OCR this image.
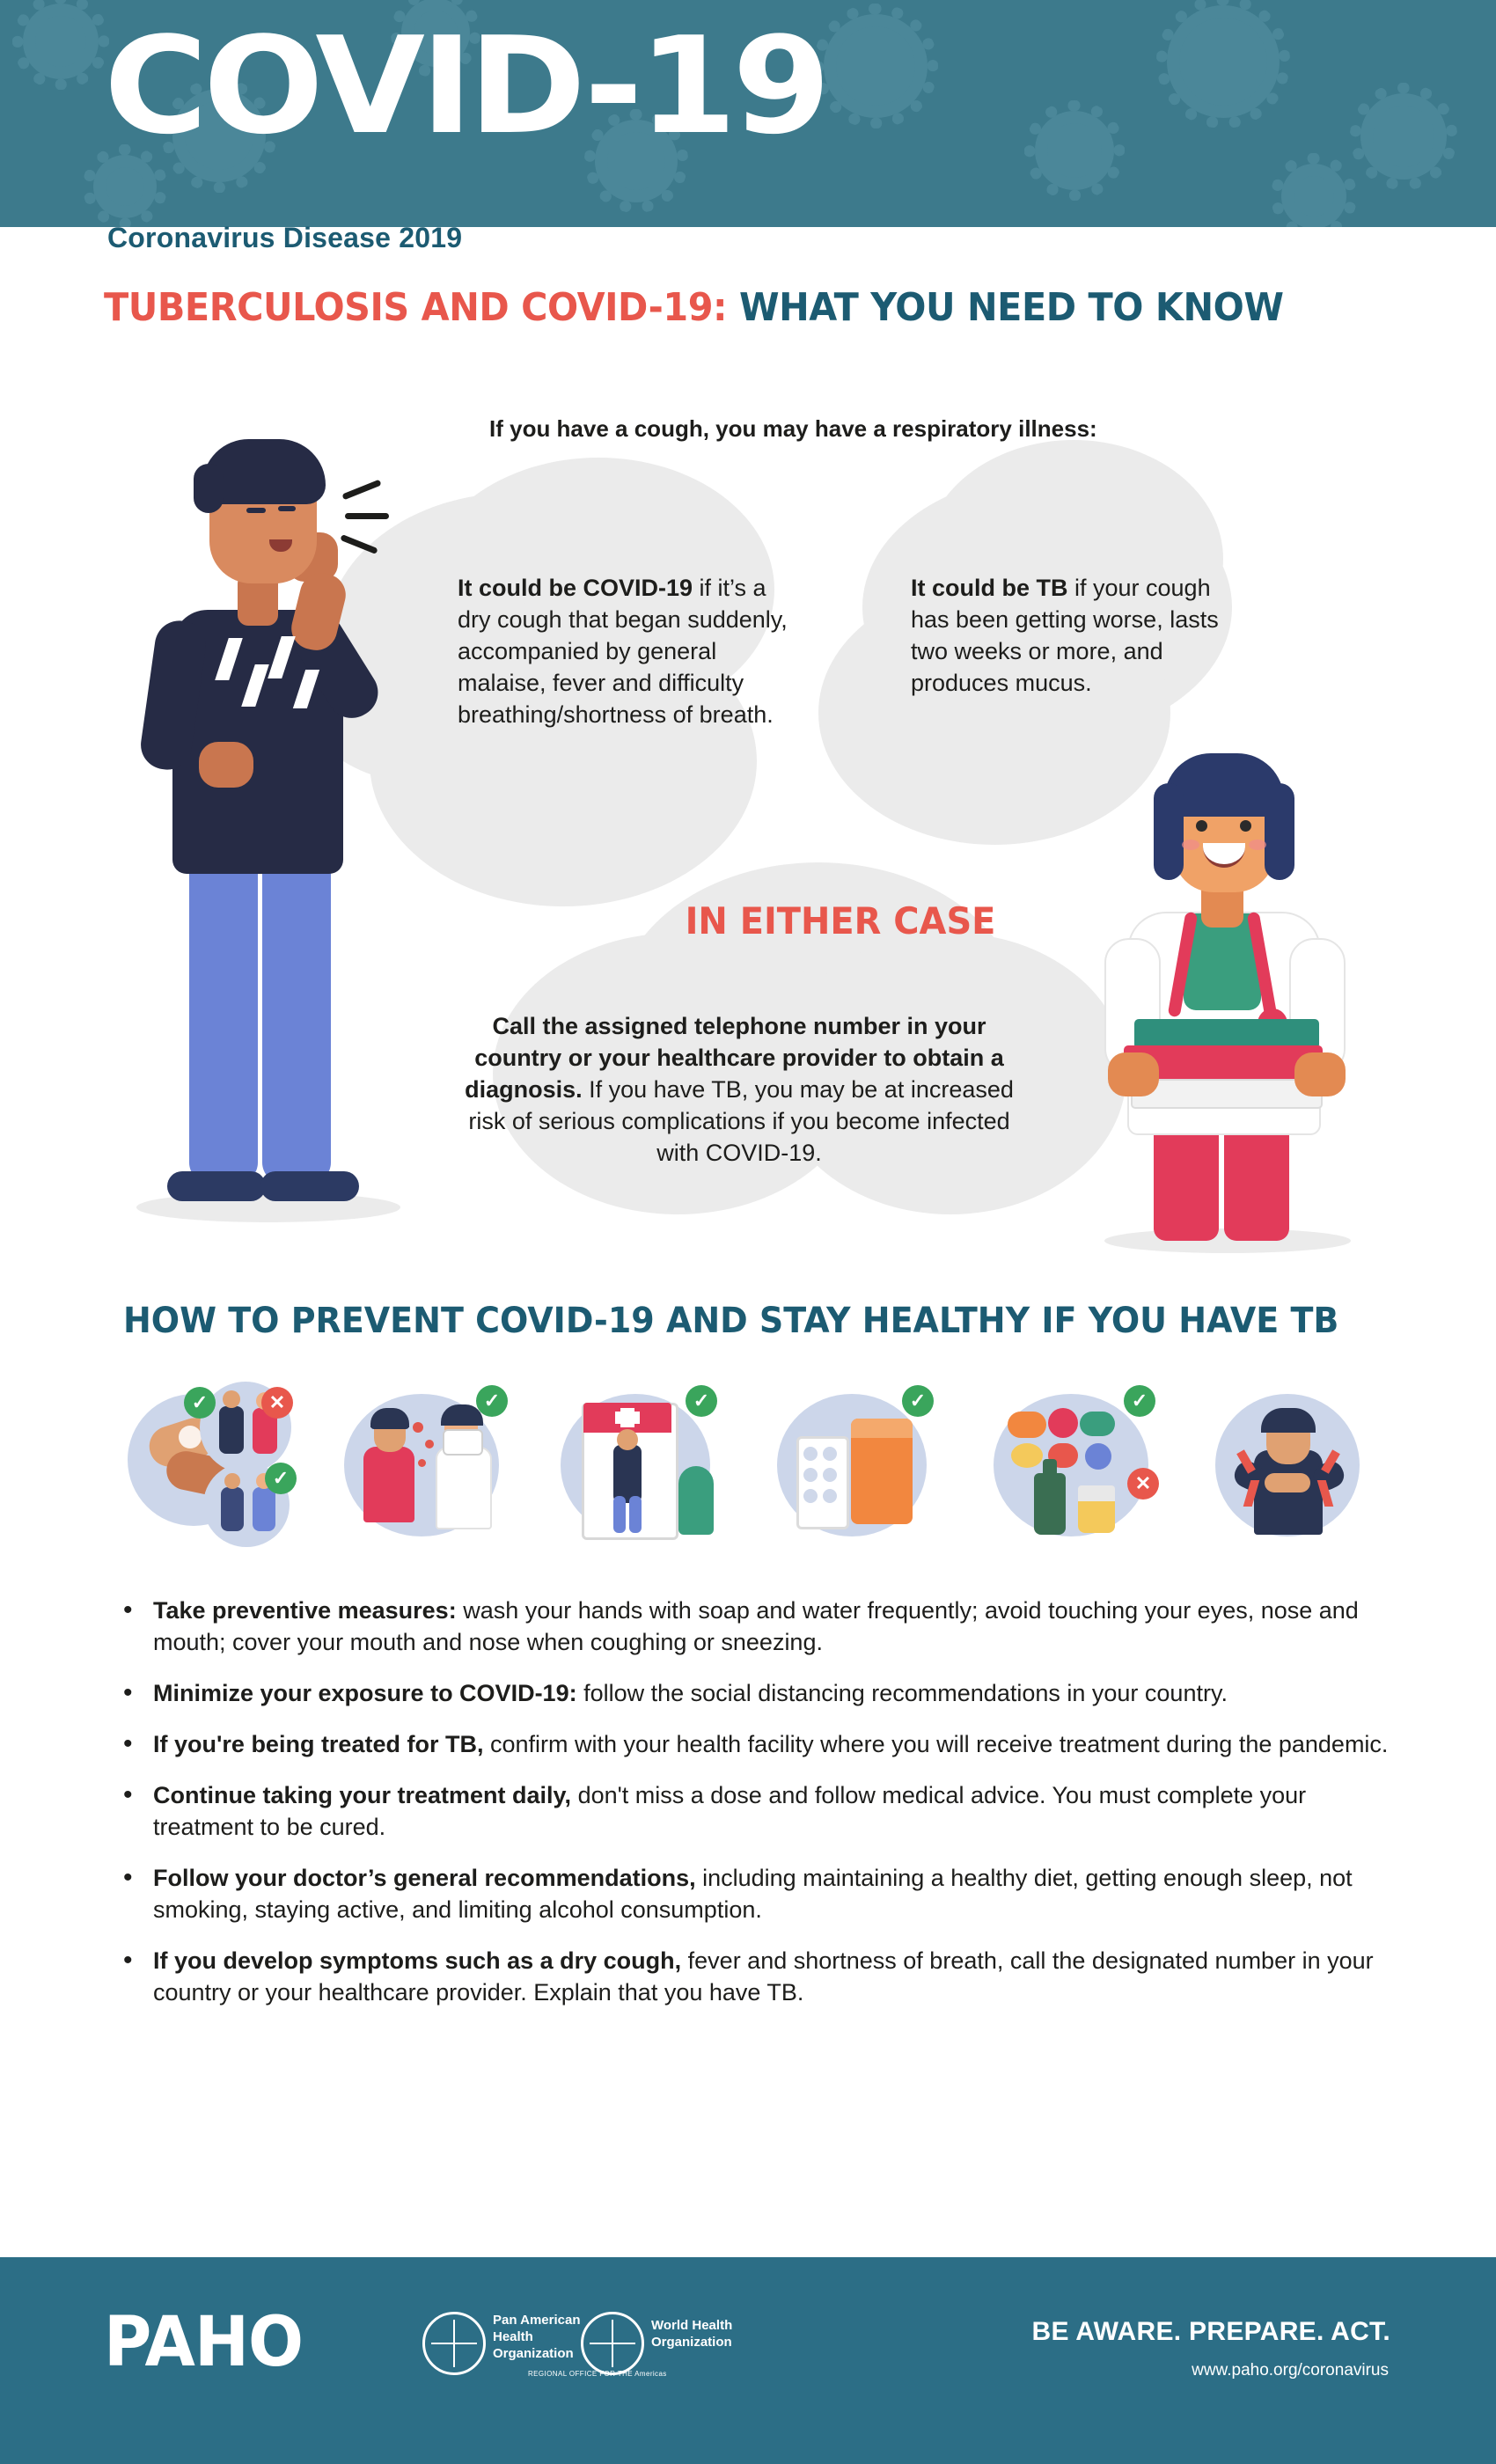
COVID-19
Coronavirus Disease 2019
TUBERCULOSIS AND COVID-19: WHAT YOU NEED TO KNOW
If you have a cough, you may have a respiratory illness:
It could be COVID-19 if it’s a dry cough that began suddenly, accompanied by general malaise, fever and difficulty breathing/shortness of breath.
It could be TB if your cough has been getting worse, lasts two weeks or more, and produces mucus.
IN EITHER CASE
Call the assigned telephone number in your country or your healthcare provider to obtain a diagnosis. If you have TB, you may be at increased risk of serious complications if you become infected with COVID-19.
HOW TO PREVENT COVID-19 AND STAY HEALTHY IF YOU HAVE TB
✓	✕
✓
✓	✓	✓	✓
✕
• Take preventive measures: wash your hands with soap and water frequently; avoid touching your eyes, nose and mouth; cover your mouth and nose when coughing or sneezing.
• Minimize your exposure to COVID-19: follow the social distancing recommendations in your country.
• If you're being treated for TB, confirm with your health facility where you will receive treatment during the pandemic.
• Continue taking your treatment daily, don't miss a dose and follow medical advice. You must complete your treatment to be cured.
• Follow your doctor’s general recommendations, including maintaining a healthy diet, getting enough sleep, not smoking, staying active, and limiting alcohol consumption.
• If you develop symptoms such as a dry cough, fever and shortness of breath, call the designated number in your country or your healthcare provider. Explain that you have TB.
PAHO	Pan American
Health
Organization
World Health
Organization
REGIONAL OFFICE FOR THE Americas
BE AWARE. PREPARE. ACT.
www.paho.org/coronavirus
